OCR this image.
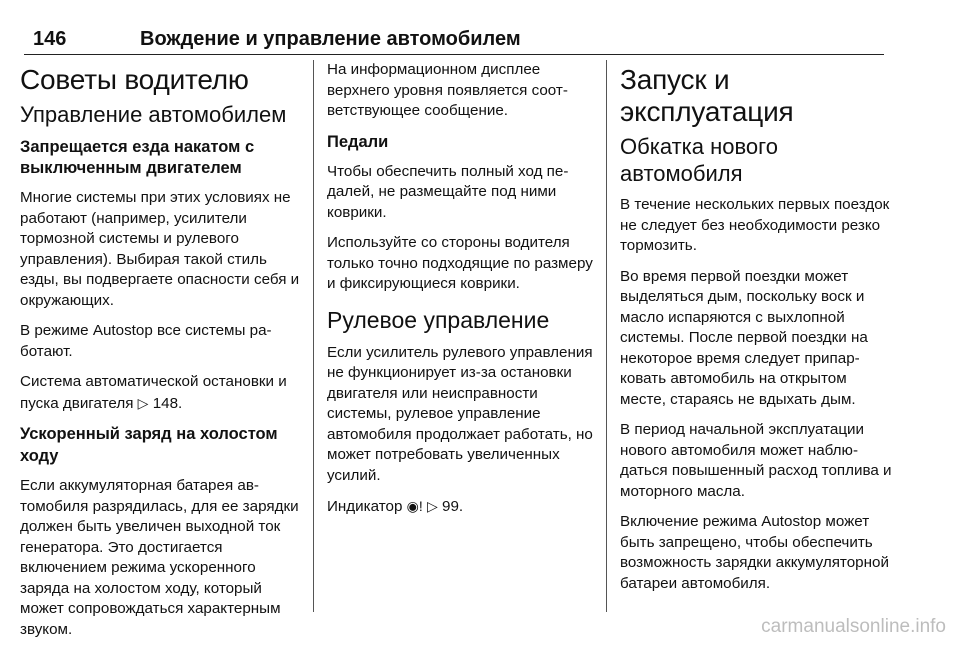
146	Вождение и управление автомобилем
Советы водителю
Управление автомобилем
Запрещается езда накатом с выключенным двигателем

Многие системы при этих условиях не работают (например, усилители тормозной системы и рулевого управления). Выбирая такой стиль езды, вы подвергаете опасности себя и окружающих.

В режиме Autostop все системы работают.

Система автоматической остановки и пуска двигателя ▷ 148.

Ускоренный заряд на холостом ходу

Если аккумуляторная батарея автомобиля разрядилась, для ее зарядки должен быть увеличен выходной ток генератора. Это достигается включением режима ускоренного заряда на холостом ходу, который может сопровождаться характерным звуком.

На информационном дисплее верхнего уровня появляется соответствующее сообщение.

Педали

Чтобы обеспечить полный ход педалей, не размещайте под ними коврики.

Используйте со стороны водителя только точно подходящие по размеру и фиксирующиеся коврики.

Рулевое управление

Если усилитель рулевого управления не функционирует из-за остановки двигателя или неисправности системы, рулевое управление автомобиля продолжает работать, но может потребовать увеличенных усилий.

Индикатор ◉! ▷ 99.

Запуск и эксплуатация
Обкатка нового автомобиля

В течение нескольких первых поездок не следует без необходимости резко тормозить.

Во время первой поездки может выделяться дым, поскольку воск и масло испаряются с выхлопной системы. После первой поездки на некоторое время следует припарковать автомобиль на открытом месте, стараясь не вдыхать дым.

В период начальной эксплуатации нового автомобиля может наблюдаться повышенный расход топлива и моторного масла.

Включение режима Autostop может быть запрещено, чтобы обеспечить возможность зарядки аккумуляторной батареи автомобиля.

carmanualsonline.info
